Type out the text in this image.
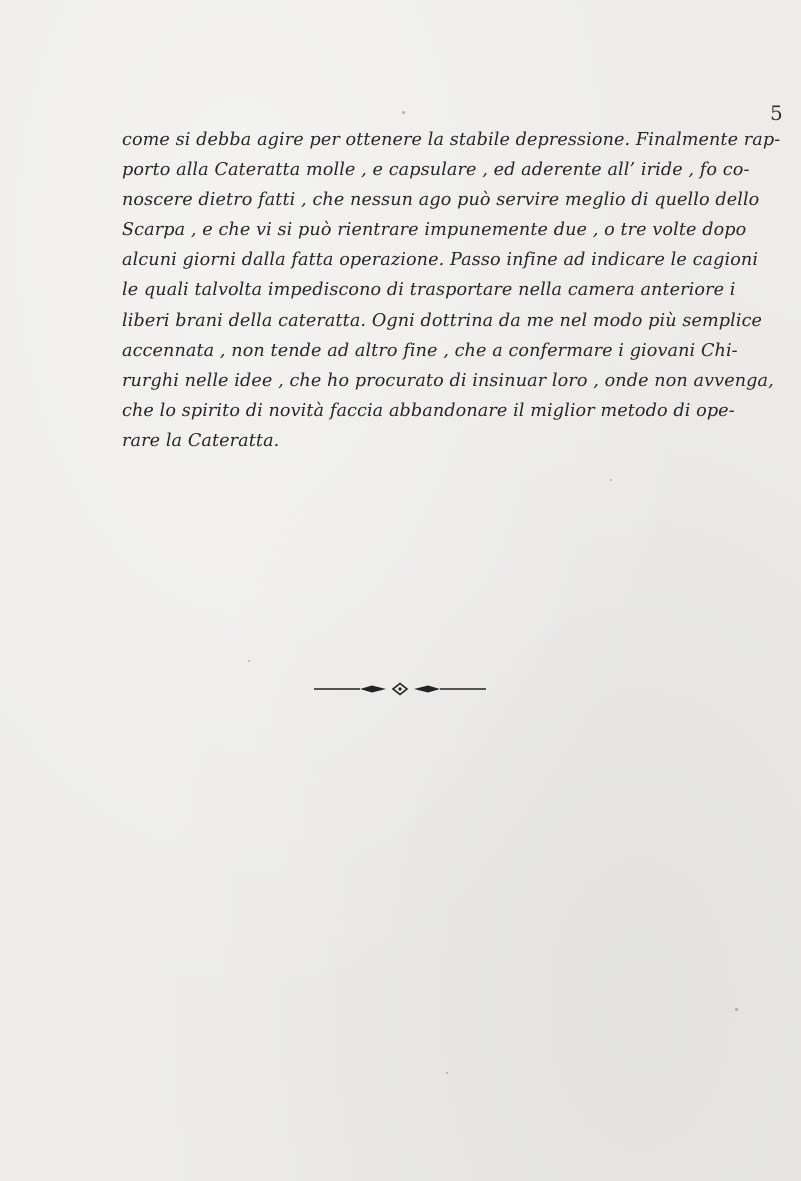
5
come si debba agire per ottenere la stabile depressione. Finalmente rap-
porto alla Cateratta molle , e capsulare , ed aderente all’ iride , fo co-
noscere dietro fatti , che nessun ago può servire meglio di quello dello
Scarpa , e che vi si può rientrare impunemente due , o tre volte dopo
alcuni giorni dalla fatta operazione. Passo infine ad indicare le cagioni
le quali talvolta impediscono di trasportare nella camera anteriore i
liberi brani della cateratta. Ogni dottrina da me nel modo più semplice
accennata , non tende ad altro fine , che a confermare i giovani Chi-
rurghi nelle idee , che ho procurato di insinuar loro , onde non avvenga,
che lo spirito di novità faccia abbandonare il miglior metodo di ope-
rare la Cateratta.
